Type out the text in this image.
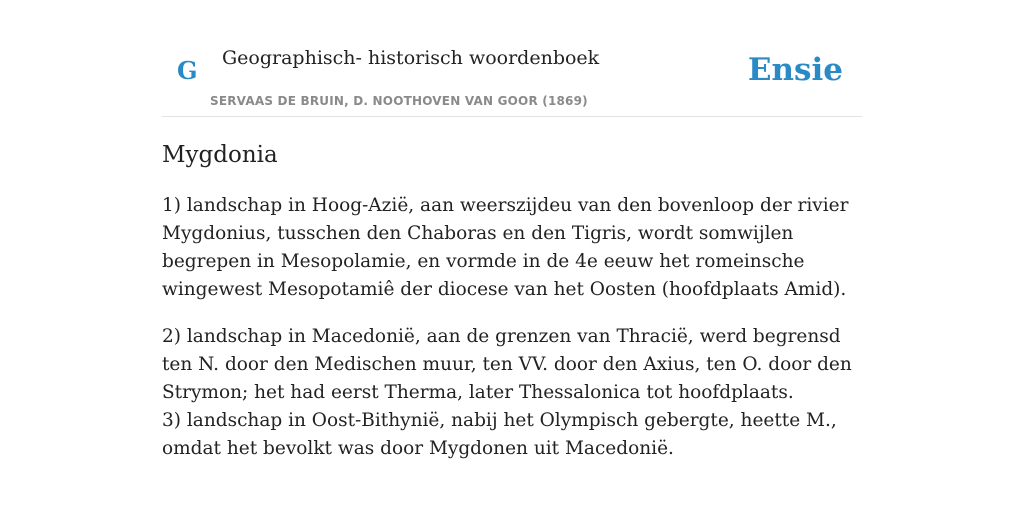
G Geographisch- historisch woordenboek
SERVAAS DE BRUIN, D. NOOTHOVEN VAN GOOR (1869)
Ensie
Mygdonia

1) landschap in Hoog-Azië, aan weerszijdeu van den bovenloop der rivier Mygdonius, tusschen den Chaboras en den Tigris, wordt somwijlen begrepen in Mesopolamie, en vormde in de 4e eeuw het romeinsche wingewest Mesopotamiê der diocese van het Oosten (hoofdplaats Amid).

2) landschap in Macedonië, aan de grenzen van Thracië, werd begrensd ten N. door den Medischen muur, ten VV. door den Axius, ten O. door den Strymon; het had eerst Therma, later Thessalonica tot hoofdplaats.
3) landschap in Oost-Bithynië, nabij het Olympisch gebergte, heette M., omdat het bevolkt was door Mygdonen uit Macedonië.
